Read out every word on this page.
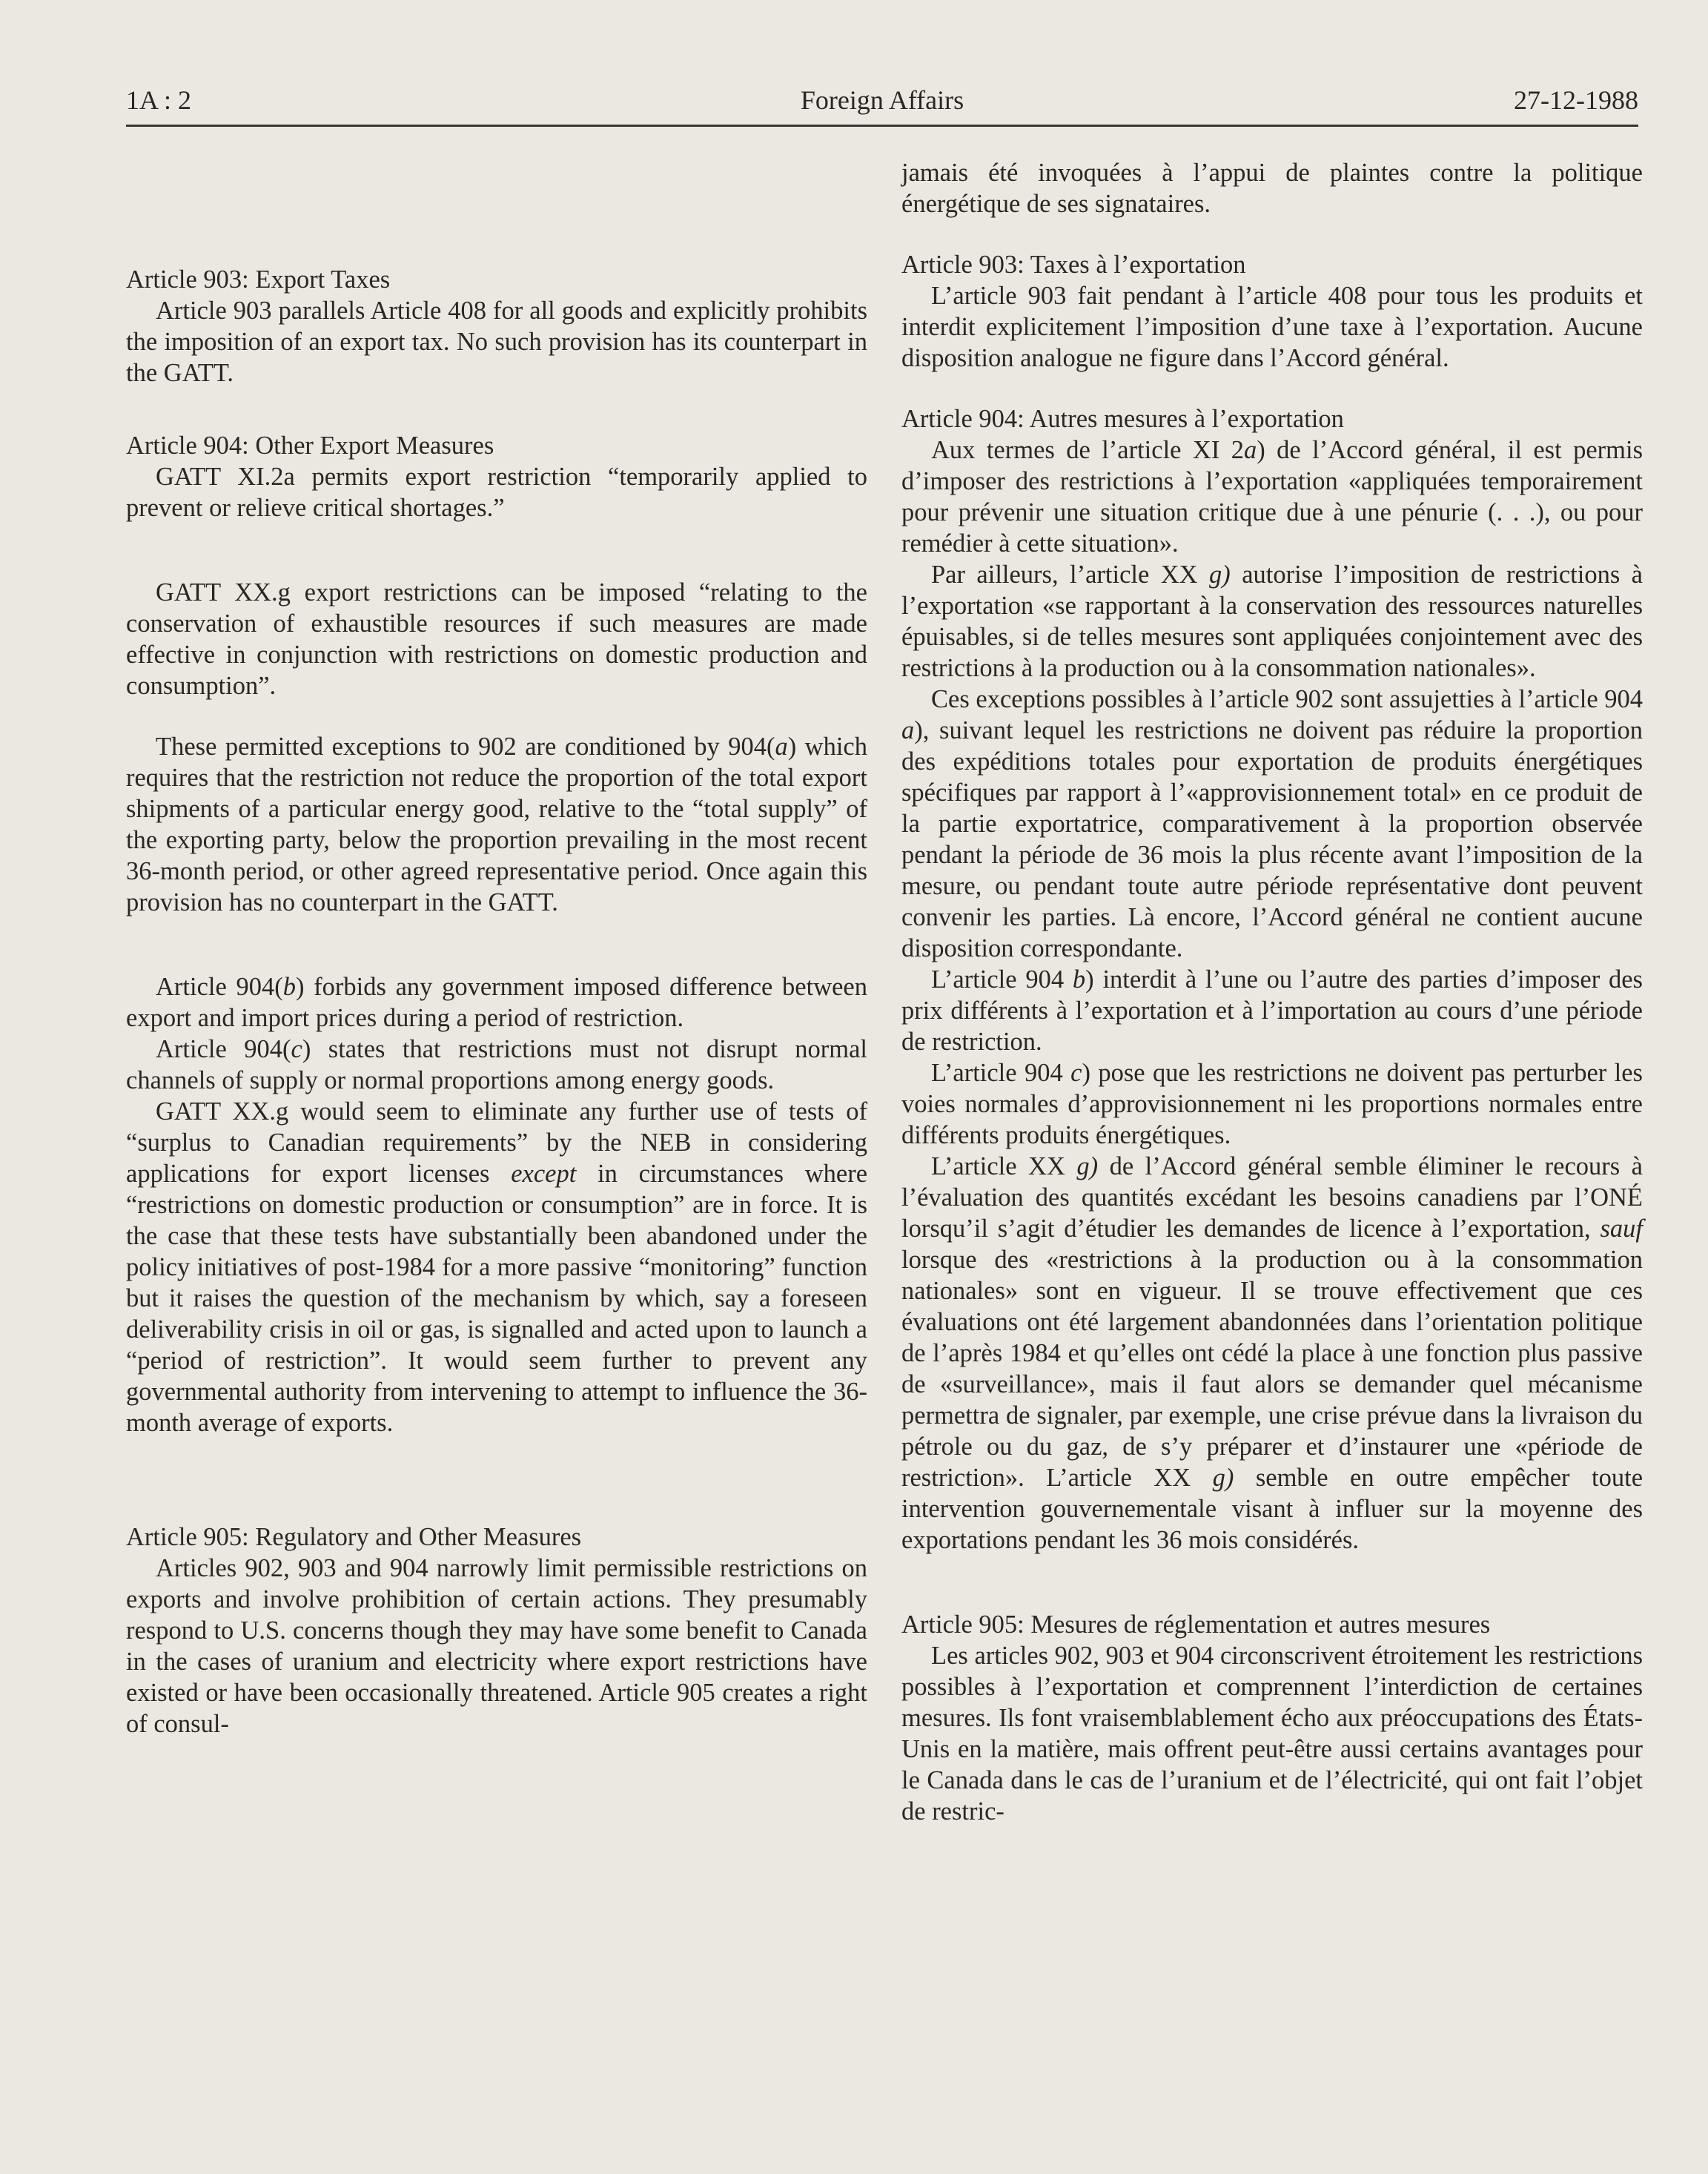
1A : 2	Foreign Affairs	27-12-1988
Article 903: Export Taxes

Article 903 parallels Article 408 for all goods and explicitly prohibits the imposition of an export tax. No such provision has its counterpart in the GATT.

Article 904: Other Export Measures

GATT XI.2a permits export restriction “temporarily applied to prevent or relieve critical shortages.”

GATT XX.g export restrictions can be imposed “relating to the conservation of exhaustible resources if such measures are made effective in conjunction with restrictions on domestic production and consumption”.

These permitted exceptions to 902 are conditioned by 904(a) which requires that the restriction not reduce the proportion of the total export shipments of a particular energy good, relative to the “total supply” of the exporting party, below the proportion prevailing in the most recent 36-month period, or other agreed representative period. Once again this provision has no counterpart in the GATT.

Article 904(b) forbids any government imposed difference between export and import prices during a period of restriction.

Article 904(c) states that restrictions must not disrupt normal channels of supply or normal proportions among energy goods.

GATT XX.g would seem to eliminate any further use of tests of “surplus to Canadian requirements” by the NEB in considering applications for export licenses except in circumstances where “restrictions on domestic production or consumption” are in force. It is the case that these tests have substantially been abandoned under the policy initiatives of post-1984 for a more passive “monitoring” function but it raises the question of the mechanism by which, say a foreseen deliverability crisis in oil or gas, is signalled and acted upon to launch a “period of restriction”. It would seem further to prevent any governmental authority from intervening to attempt to influence the 36-month average of exports.

Article 905: Regulatory and Other Measures

Articles 902, 903 and 904 narrowly limit permissible restrictions on exports and involve prohibition of certain actions. They presumably respond to U.S. concerns though they may have some benefit to Canada in the cases of uranium and electricity where export restrictions have existed or have been occasionally threatened. Article 905 creates a right of consul-

jamais été invoquées à l’appui de plaintes contre la politique énergétique de ses signataires.

Article 903: Taxes à l’exportation

L’article 903 fait pendant à l’article 408 pour tous les produits et interdit explicitement l’imposition d’une taxe à l’exportation. Aucune disposition analogue ne figure dans l’Accord général.

Article 904: Autres mesures à l’exportation

Aux termes de l’article XI 2a) de l’Accord général, il est permis d’imposer des restrictions à l’exportation «appliquées temporairement pour prévenir une situation critique due à une pénurie (. . .), ou pour remédier à cette situation».

Par ailleurs, l’article XX g) autorise l’imposition de restrictions à l’exportation «se rapportant à la conservation des ressources naturelles épuisables, si de telles mesures sont appliquées conjointement avec des restrictions à la production ou à la consommation nationales».

Ces exceptions possibles à l’article 902 sont assujetties à l’article 904 a), suivant lequel les restrictions ne doivent pas réduire la proportion des expéditions totales pour exportation de produits énergétiques spécifiques par rapport à l’«approvisionnement total» en ce produit de la partie exportatrice, comparativement à la proportion observée pendant la période de 36 mois la plus récente avant l’imposition de la mesure, ou pendant toute autre période représentative dont peuvent convenir les parties. Là encore, l’Accord général ne contient aucune disposition correspondante.

L’article 904 b) interdit à l’une ou l’autre des parties d’imposer des prix différents à l’exportation et à l’importation au cours d’une période de restriction.

L’article 904 c) pose que les restrictions ne doivent pas perturber les voies normales d’approvisionnement ni les proportions normales entre différents produits énergétiques.

L’article XX g) de l’Accord général semble éliminer le recours à l’évaluation des quantités excédant les besoins canadiens par l’ONÉ lorsqu’il s’agit d’étudier les demandes de licence à l’exportation, sauf lorsque des «restrictions à la production ou à la consommation nationales» sont en vigueur. Il se trouve effectivement que ces évaluations ont été largement abandonnées dans l’orientation politique de l’après 1984 et qu’elles ont cédé la place à une fonction plus passive de «surveillance», mais il faut alors se demander quel mécanisme permettra de signaler, par exemple, une crise prévue dans la livraison du pétrole ou du gaz, de s’y préparer et d’instaurer une «période de restriction». L’article XX g) semble en outre empêcher toute intervention gouvernementale visant à influer sur la moyenne des exportations pendant les 36 mois considérés.

Article 905: Mesures de réglementation et autres mesures

Les articles 902, 903 et 904 circonscrivent étroitement les restrictions possibles à l’exportation et comprennent l’interdiction de certaines mesures. Ils font vraisemblablement écho aux préoccupations des États-Unis en la matière, mais offrent peut-être aussi certains avantages pour le Canada dans le cas de l’uranium et de l’électricité, qui ont fait l’objet de restric-
